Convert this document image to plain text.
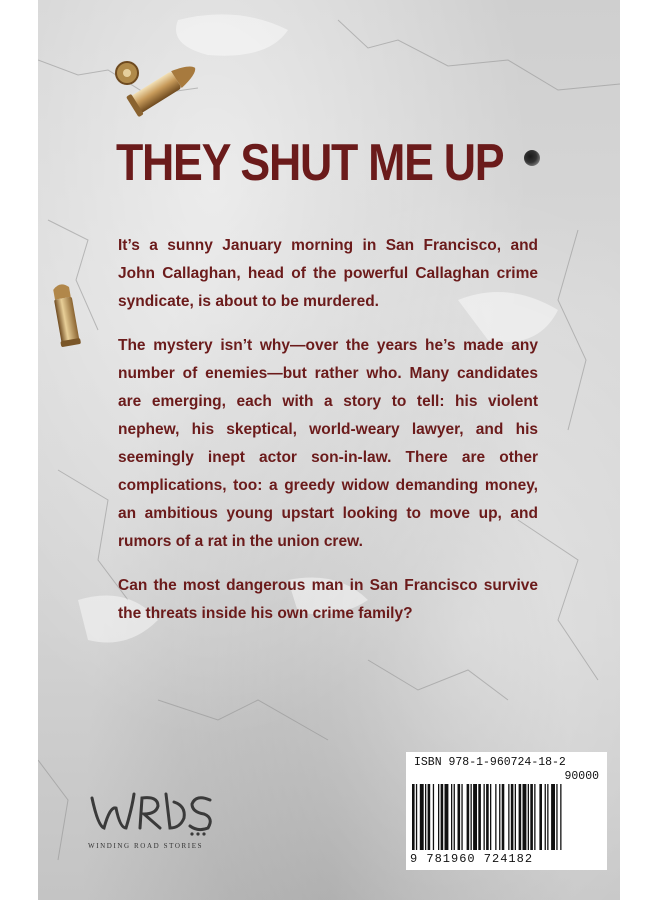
THEY SHUT ME UP

It’s a sunny January morning in San Francisco, and John Callaghan, head of the powerful Callaghan crime syndicate, is about to be murdered.

The mystery isn’t why—over the years he’s made any number of enemies—but rather who. Many candidates are emerging, each with a story to tell: his violent nephew, his skeptical, world-weary lawyer, and his seemingly inept actor son-in-law. There are other complications, too: a greedy widow demanding money, an ambitious young upstart looking to move up, and rumors of a rat in the union crew.

Can the most dangerous man in San Francisco survive the threats inside his own crime family?

WINDING ROAD STORIES
ISBN 978-1-960724-18-2
90000
9 781960 724182
